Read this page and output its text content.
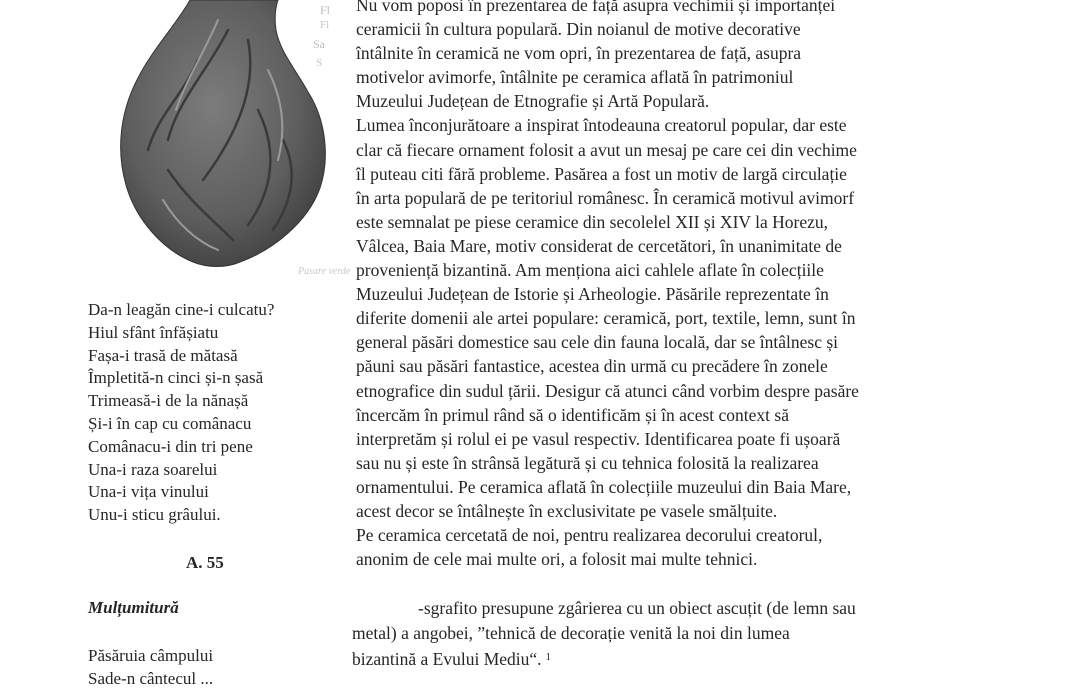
Fl
Sa
Fl
S
Pasare verde
Da-n leagăn cine-i culcatu?
Hiul sfânt înfășiatu
Fașa-i trasă de mătasă
Împletită-n cinci și-n șasă
Trimeasă-i de la nănașă
Și-i în cap cu comânacu
Comânacu-i din tri pene
Una-i raza soarelui
Una-i vița vinului
Unu-i sticu grâului.
A. 55
Mulțumitură
Păsăruia câmpului
Sade-n cântecul ...
Nu vom poposi în prezentarea de față asupra vechimii și importanței
ceramicii în cultura populară. Din noianul de motive decorative
întâlnite în ceramică ne vom opri, în prezentarea de față, asupra
motivelor avimorfe, întâlnite pe ceramica aflată în patrimoniul
Muzeului Județean de Etnografie și Artă Populară.
Lumea înconjurătoare a inspirat întodeauna creatorul popular, dar este
clar că fiecare ornament folosit a avut un mesaj pe care cei din vechime
îl puteau citi fără probleme. Pasărea a fost un motiv de largă circulație
în arta populară de pe teritoriul românesc. În ceramică motivul avimorf
este semnalat pe piese ceramice din secolelel XII și XIV la Horezu,
Vâlcea, Baia Mare, motiv considerat de cercetători, în unanimitate de
proveniență bizantină. Am menționa aici cahlele aflate în colecțiile
Muzeului Județean de Istorie și Arheologie. Păsările reprezentate în
diferite domenii ale artei populare: ceramică, port, textile, lemn, sunt în
general păsări domestice sau cele din fauna locală, dar se întâlnesc și
păuni sau păsări fantastice, acestea din urmă cu precădere în zonele
etnografice din sudul țării. Desigur că atunci când vorbim despre pasăre
încercăm în primul rând să o identificăm și în acest context să
interpretăm și rolul ei pe vasul respectiv. Identificarea poate fi ușoară
sau nu și este în strânsă legătură și cu tehnica folosită la realizarea
ornamentului. Pe ceramica aflată în colecțiile muzeului din Baia Mare,
acest decor se întâlnește în exclusivitate pe vasele smălțuite.
Pe ceramica cercetată de noi, pentru realizarea decorului creatorul,
anonim de cele mai multe ori, a folosit mai multe tehnici.
-sgrafito presupune zgârierea cu un obiect ascuțit (de lemn sau
metal) a angobei, ”tehnică de decorație venită la noi din lumea
bizantină a Evului Mediu“. $^1$
